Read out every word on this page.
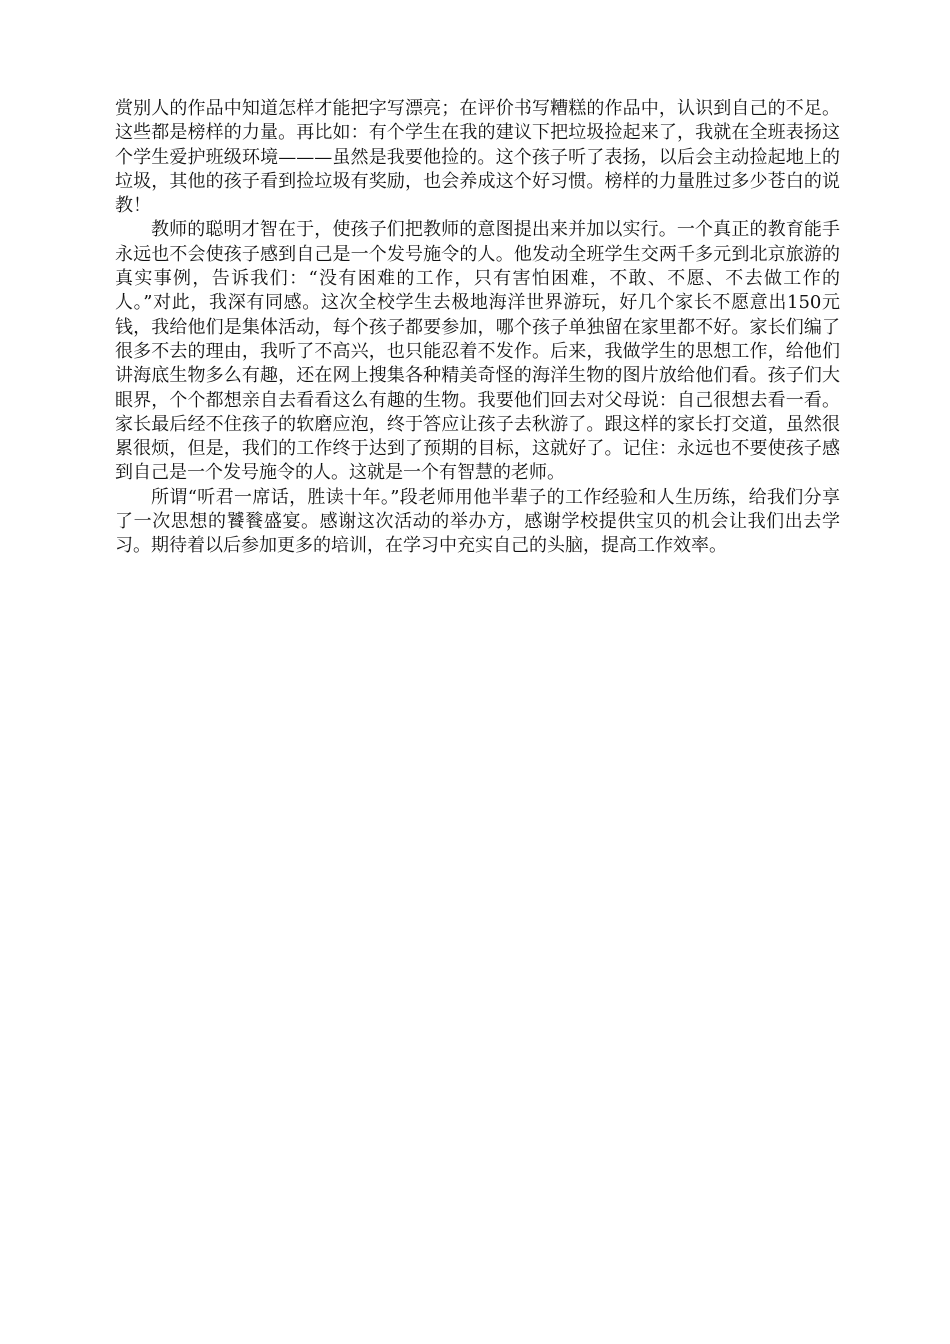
赏别人的作品中知道怎样才能把字写漂亮；在评价书写糟糕的作品中，认识到自己的不足。这些都是榜样的力量。再比如：有个学生在我的建议下把垃圾捡起来了，我就在全班表扬这个学生爱护班级环境———虽然是我要他捡的。这个孩子听了表扬，以后会主动捡起地上的垃圾，其他的孩子看到捡垃圾有奖励，也会养成这个好习惯。榜样的力量胜过多少苍白的说教！

教师的聪明才智在于，使孩子们把教师的意图提出来并加以实行。一个真正的教育能手永远也不会使孩子感到自己是一个发号施令的人。他发动全班学生交两千多元到北京旅游的真实事例，告诉我们：“没有困难的工作，只有害怕困难，不敢、不愿、不去做工作的人。”对此，我深有同感。这次全校学生去极地海洋世界游玩，好几个家长不愿意出150元钱，我给他们是集体活动，每个孩子都要参加，哪个孩子单独留在家里都不好。家长们编了很多不去的理由，我听了不高兴，也只能忍着不发作。后来，我做学生的思想工作，给他们讲海底生物多么有趣，还在网上搜集各种精美奇怪的海洋生物的图片放给他们看。孩子们大眼界，个个都想亲自去看看这么有趣的生物。我要他们回去对父母说：自己很想去看一看。家长最后经不住孩子的软磨应泡，终于答应让孩子去秋游了。跟这样的家长打交道，虽然很累很烦，但是，我们的工作终于达到了预期的目标，这就好了。记住：永远也不要使孩子感到自己是一个发号施令的人。这就是一个有智慧的老师。

所谓“听君一席话，胜读十年。”段老师用他半辈子的工作经验和人生历练，给我们分享了一次思想的饕餮盛宴。感谢这次活动的举办方，感谢学校提供宝贝的机会让我们出去学习。期待着以后参加更多的培训，在学习中充实自己的头脑，提高工作效率。
